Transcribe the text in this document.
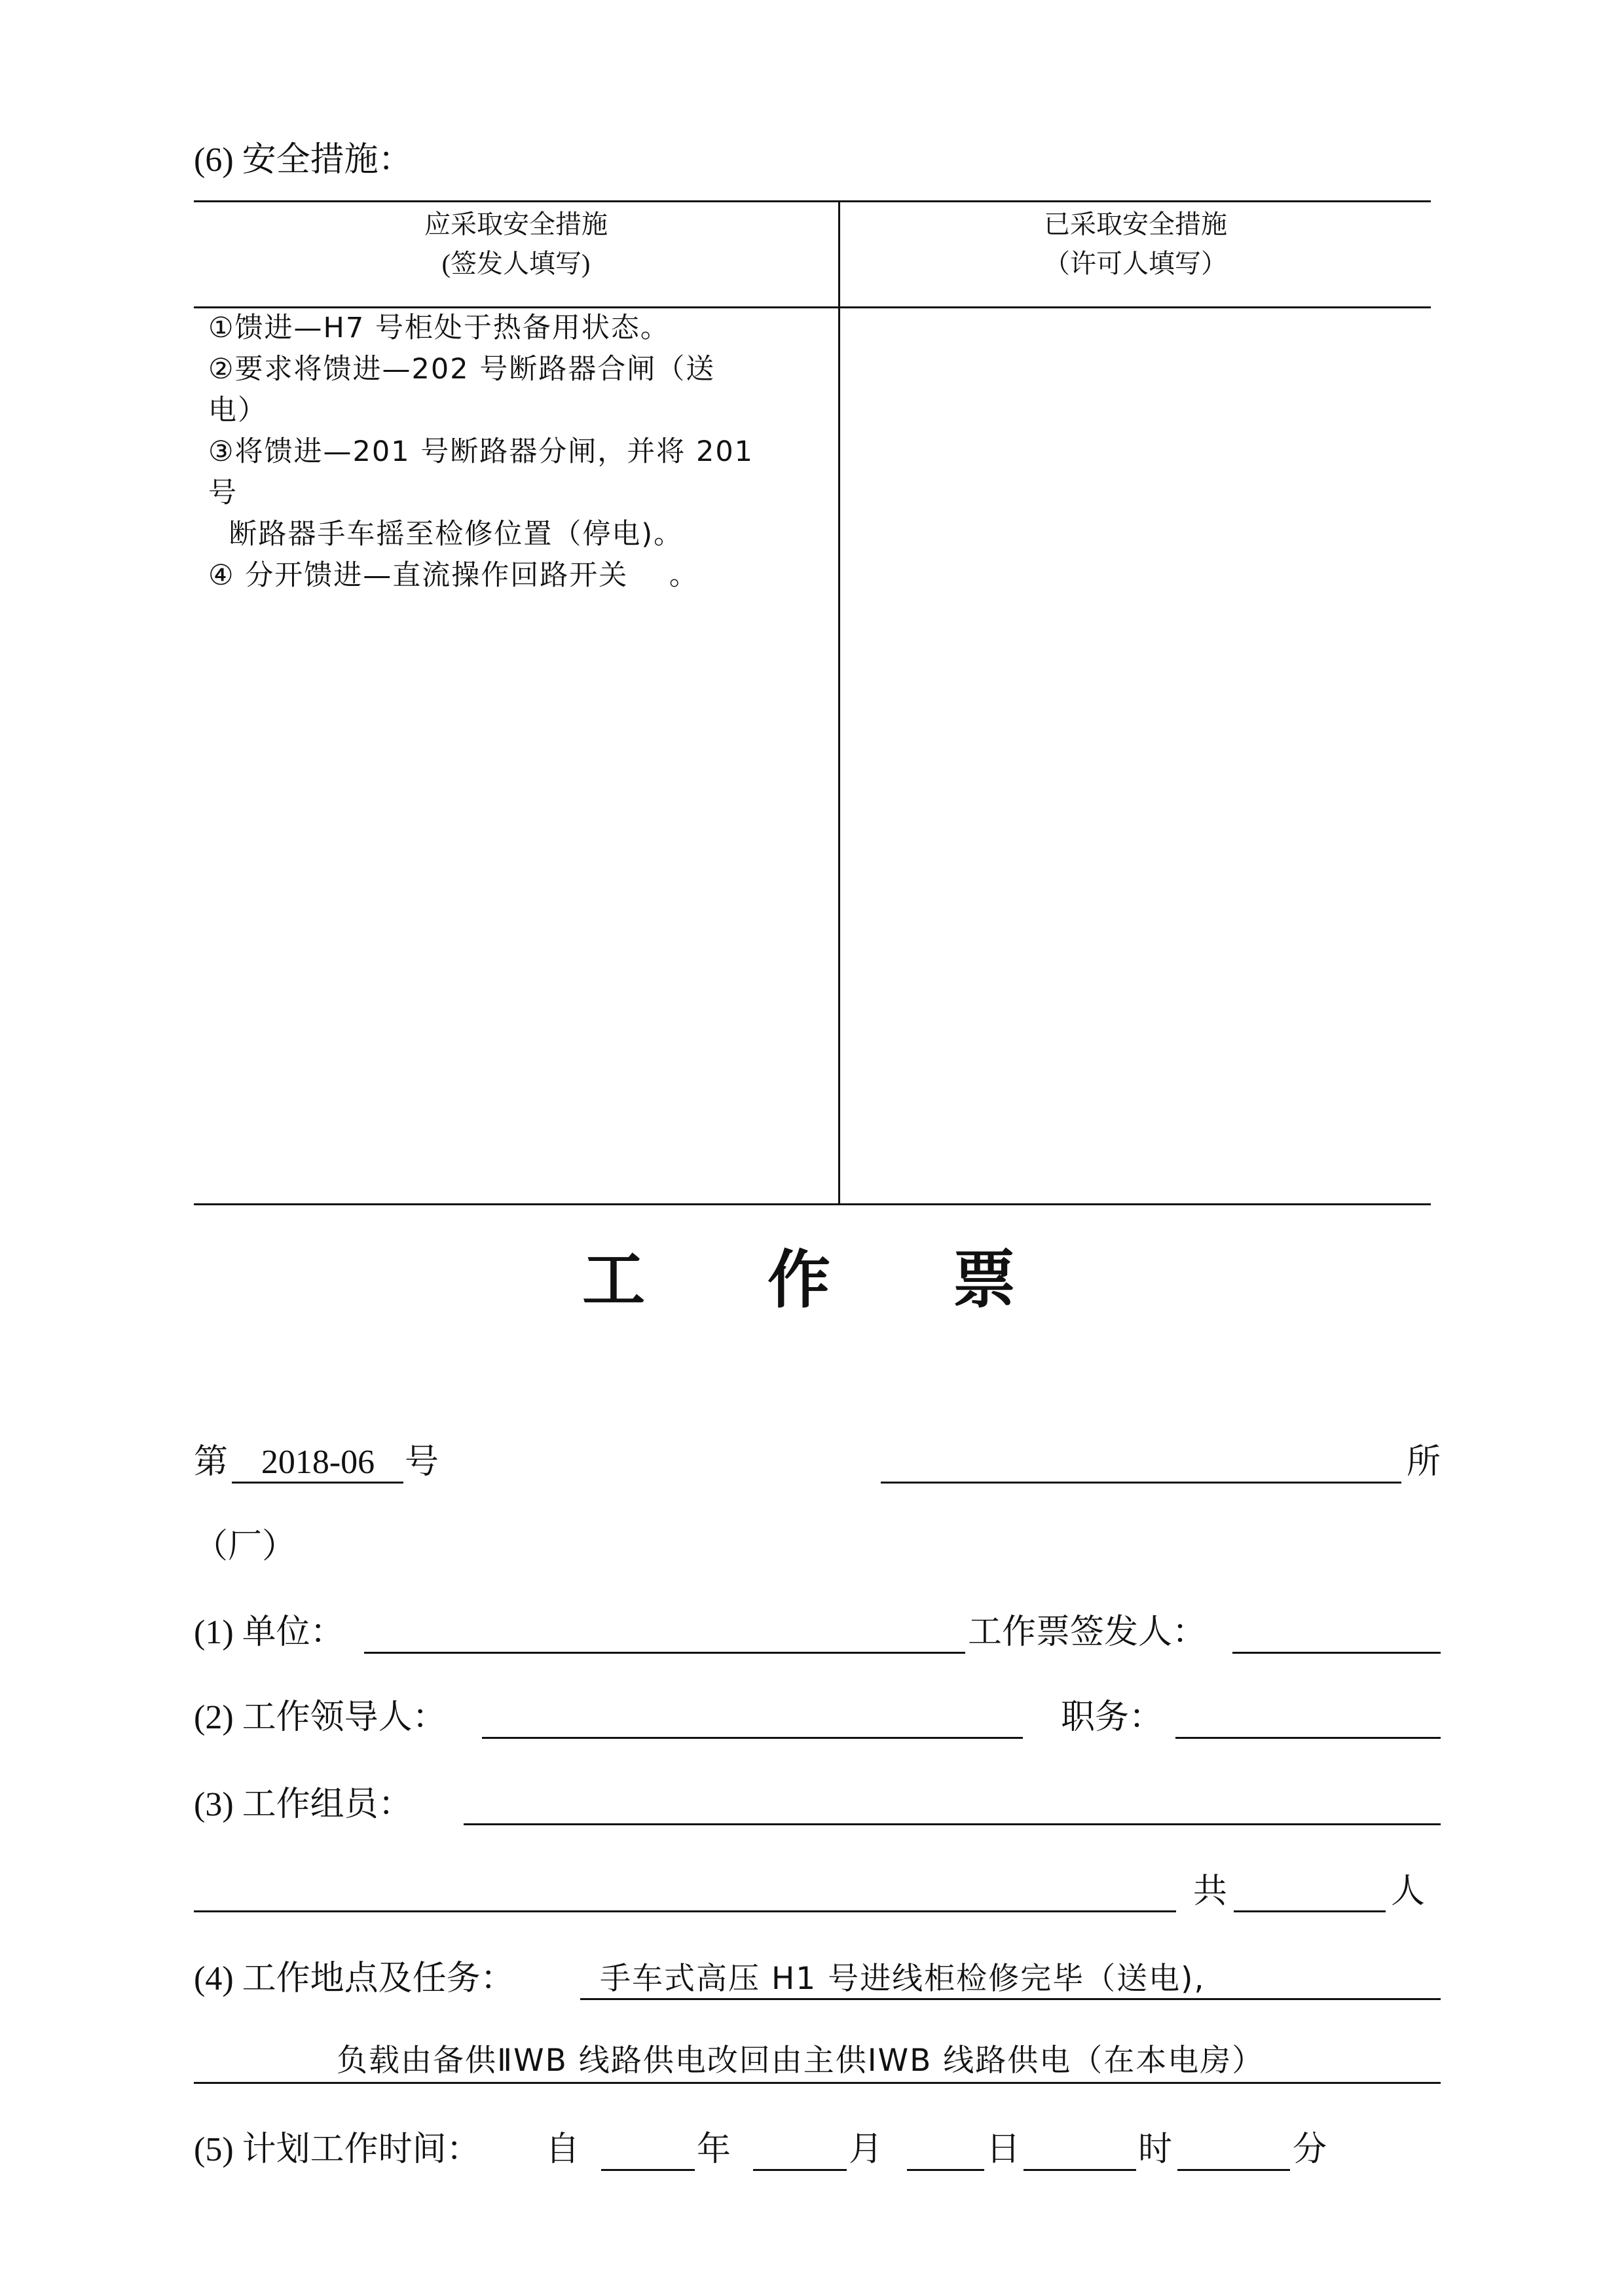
(6) 安全措施：
应采取安全措施
(签发人填写)
已采取安全措施
（许可人填写）
①馈进—H7 号柜处于热备用状态。
②要求将馈进—202 号断路器合闸（送
电）
③将馈进—201 号断路器分闸，并将 201
号
断路器手车摇至检修位置（停电)。
④ 分开馈进—直流操作回路开关    。
工  作  票
第 2018-06 号	所
（厂）
(1) 单位：	工作票签发人：
(2) 工作领导人：	职务：
(3) 工作组员：
共	人
(4) 工作地点及任务：	手车式高压 H1 号进线柜检修完毕（送电),
负载由备供ⅡWB 线路供电改回由主供ⅠWB 线路供电（在本电房）
(5) 计划工作时间： 自	年	月	日	时	分
